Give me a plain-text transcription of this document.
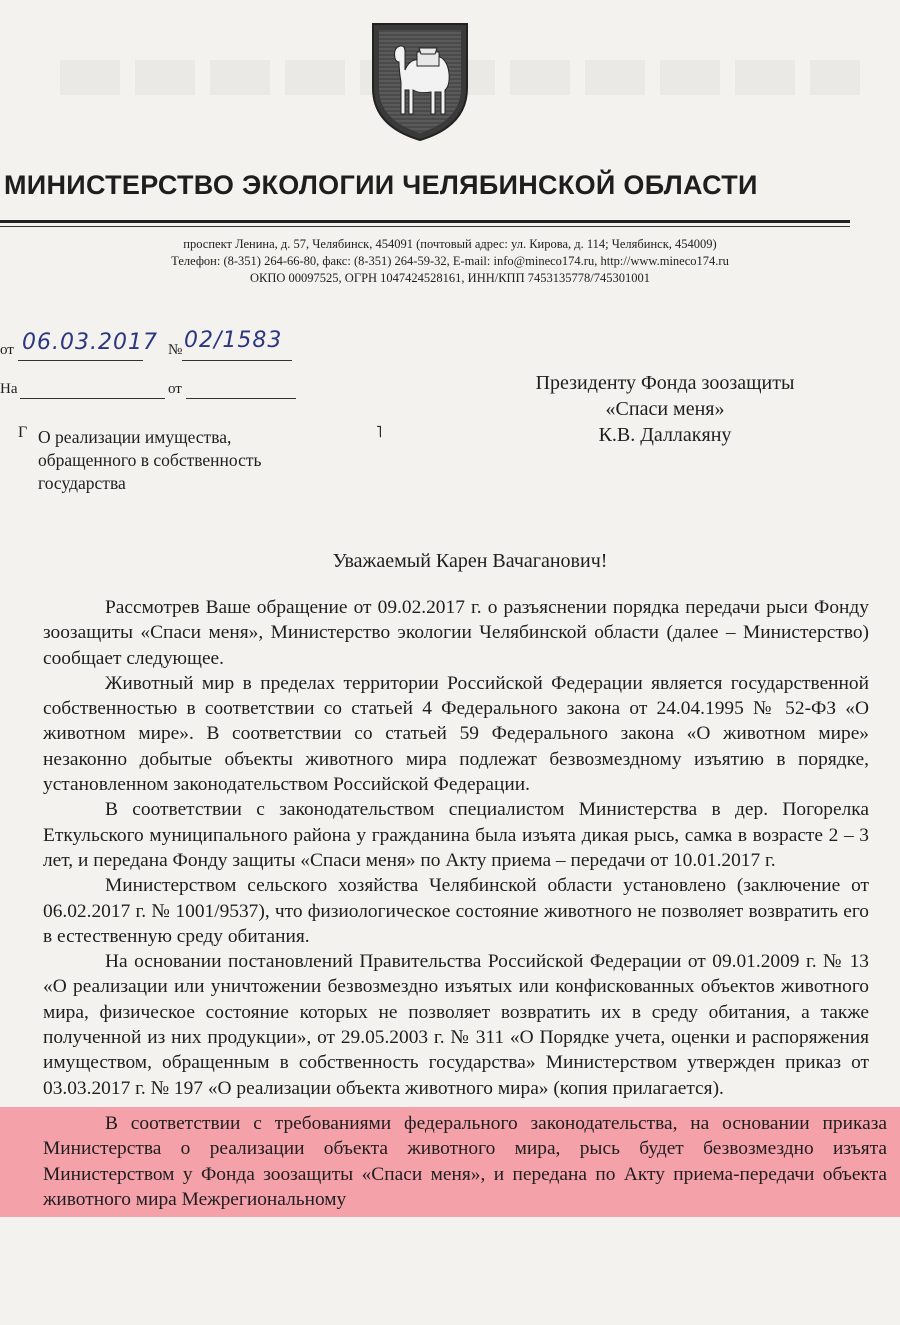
МИНИСТЕРСТВО ЭКОЛОГИИ ЧЕЛЯБИНСКОЙ ОБЛАСТИ
проспект Ленина, д. 57, Челябинск, 454091 (почтовый адрес: ул. Кирова, д. 114; Челябинск, 454009)
Телефон: (8-351) 264-66-80, факс: (8-351) 264-59-32, E-mail: info@mineco174.ru, http://www.mineco174.ru
ОКПО 00097525, ОГРН 1047424528161, ИНН/КПП 7453135778/745301001
от 06.03.2017 № 02/1583
На	от	Президенту Фонда зоозащиты
«Спаси меня»
К.В. Даллакяну
Г	˥
О реализации имущества,
обращенного в собственность
государства
Уважаемый Карен Вачаганович!

Рассмотрев Ваше обращение от 09.02.2017 г. о разъяснении порядка передачи рыси Фонду зоозащиты «Спаси меня», Министерство экологии Челябинской области (далее – Министерство) сообщает следующее.

Животный мир в пределах территории Российской Федерации является государственной собственностью в соответствии со статьей 4 Федерального закона от 24.04.1995 № 52-ФЗ «О животном мире». В соответствии со статьей 59 Федерального закона «О животном мире» незаконно добытые объекты животного мира подлежат безвозмездному изъятию в порядке, установленном законодательством Российской Федерации.

В соответствии с законодательством специалистом Министерства в дер. Погорелка Еткульского муниципального района у гражданина была изъята дикая рысь, самка в возрасте 2 – 3 лет, и передана Фонду защиты «Спаси меня» по Акту приема – передачи от 10.01.2017 г.

Министерством сельского хозяйства Челябинской области установлено (заключение от 06.02.2017 г. № 1001/9537), что физиологическое состояние животного не позволяет возвратить его в естественную среду обитания.

На основании постановлений Правительства Российской Федерации от 09.01.2009 г. № 13 «О реализации или уничтожении безвозмездно изъятых или конфискованных объектов животного мира, физическое состояние которых не позволяет возвратить их в среду обитания, а также полученной из них продукции», от 29.05.2003 г. № 311 «О Порядке учета, оценки и распоряжения имуществом, обращенным в собственность государства» Министерством утвержден приказ от 03.03.2017 г. № 197 «О реализации объекта животного мира» (копия прилагается).

В соответствии с требованиями федерального законодательства, на основании приказа Министерства о реализации объекта животного мира, рысь будет безвозмездно изъята Министерством у Фонда зоозащиты «Спаси меня», и передана по Акту приема-передачи объекта животного мира Межрегиональному
